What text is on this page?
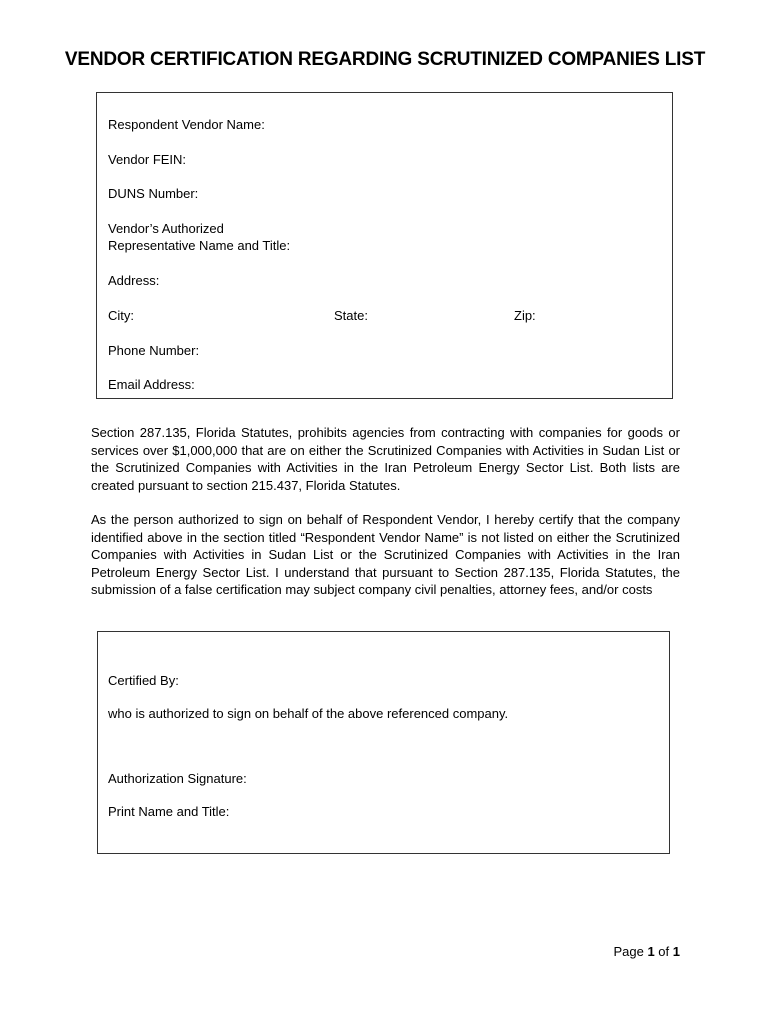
VENDOR CERTIFICATION REGARDING SCRUTINIZED COMPANIES LIST
Respondent Vendor Name:
Vendor FEIN:
DUNS Number:
Vendor’s Authorized
Representative Name and Title:
Address:
City:	State:	Zip:
Phone Number:
Email Address:

Section 287.135, Florida Statutes, prohibits agencies from contracting with companies for goods or services over $1,000,000 that are on either the Scrutinized Companies with Activities in Sudan List or the Scrutinized Companies with Activities in the Iran Petroleum Energy Sector List. Both lists are created pursuant to section 215.437, Florida Statutes.

As the person authorized to sign on behalf of Respondent Vendor, I hereby certify that the company identified above in the section titled “Respondent Vendor Name” is not listed on either the Scrutinized Companies with Activities in Sudan List or the Scrutinized Companies with Activities in the Iran Petroleum Energy Sector List. I understand that pursuant to Section 287.135, Florida Statutes, the submission of a false certification may subject company civil penalties, attorney fees, and/or costs

Certified By:
who is authorized to sign on behalf of the above referenced company.
Authorization Signature:
Print Name and Title:
Page 1 of 1
